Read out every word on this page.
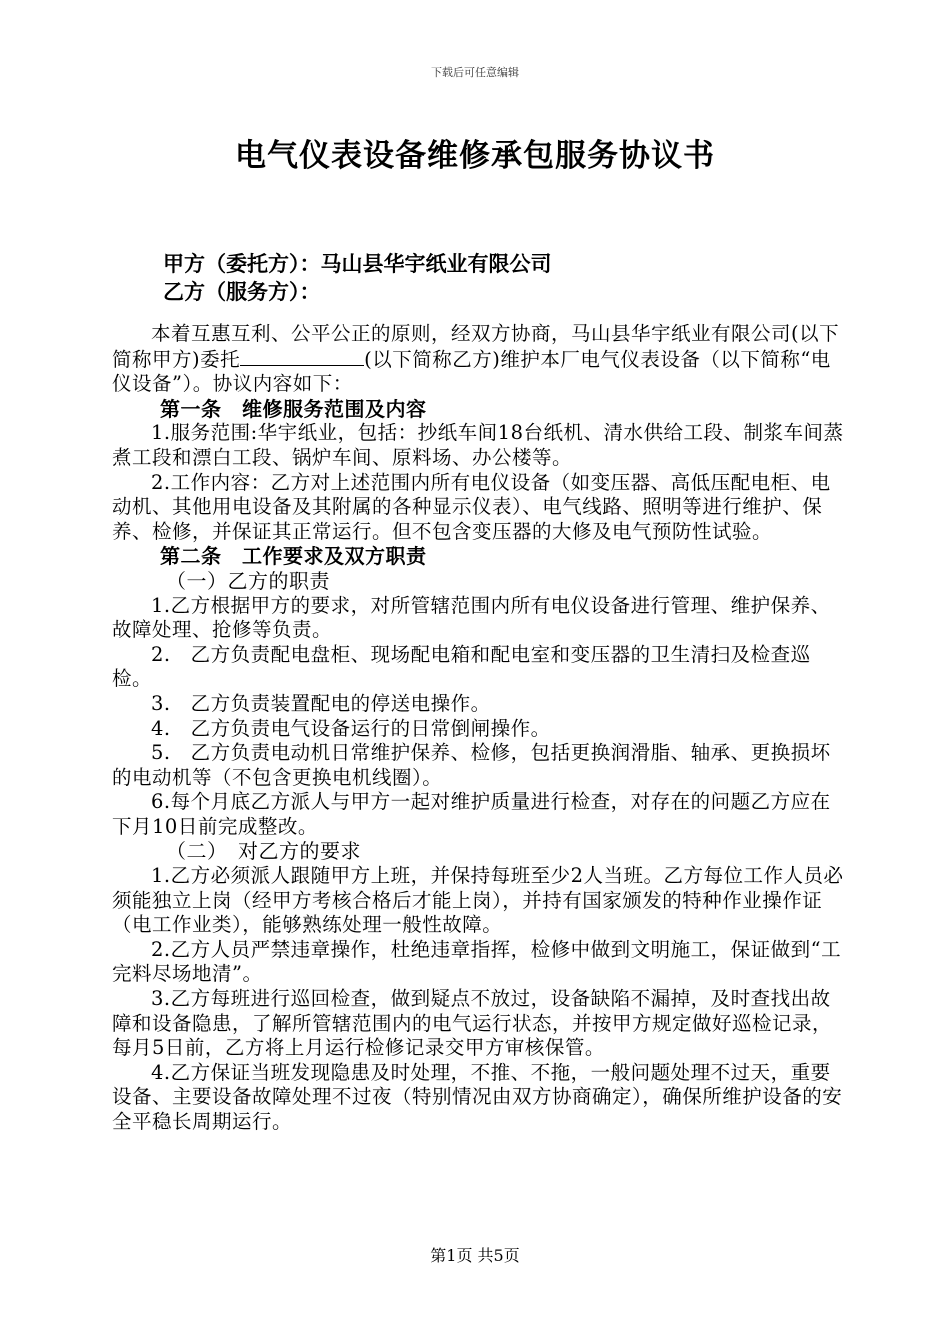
下载后可任意编辑
电气仪表设备维修承包服务协议书
甲方（委托方）：马山县华宇纸业有限公司
乙方（服务方）：

本着互惠互利、公平公正的原则，经双方协商，马山县华宇纸业有限公司(以下简称甲方)委托	(以下简称乙方)维护本厂电气仪表设备（以下简称“电仪设备”）。协议内容如下：

第一条　维修服务范围及内容

1.服务范围:华宇纸业，包括：抄纸车间18台纸机、清水供给工段、制浆车间蒸煮工段和漂白工段、锅炉车间、原料场、办公楼等。

2.工作内容：乙方对上述范围内所有电仪设备（如变压器、高低压配电柜、电动机、其他用电设备及其附属的各种显示仪表）、电气线路、照明等进行维护、保养、检修，并保证其正常运行。但不包含变压器的大修及电气预防性试验。

第二条　工作要求及双方职责

（一）乙方的职责

1.乙方根据甲方的要求，对所管辖范围内所有电仪设备进行管理、维护保养、故障处理、抢修等负责。

2.　乙方负责配电盘柜、现场配电箱和配电室和变压器的卫生清扫及检查巡检。

3.　乙方负责装置配电的停送电操作。

4.　乙方负责电气设备运行的日常倒闸操作。

5.　乙方负责电动机日常维护保养、检修，包括更换润滑脂、轴承、更换损坏的电动机等（不包含更换电机线圈）。

6.每个月底乙方派人与甲方一起对维护质量进行检查，对存在的问题乙方应在下月10日前完成整改。

（二）　对乙方的要求

1.乙方必须派人跟随甲方上班，并保持每班至少2人当班。乙方每位工作人员必须能独立上岗（经甲方考核合格后才能上岗），并持有国家颁发的特种作业操作证（电工作业类），能够熟练处理一般性故障。

2.乙方人员严禁违章操作，杜绝违章指挥，检修中做到文明施工，保证做到“工完料尽场地清”。

3.乙方每班进行巡回检查，做到疑点不放过，设备缺陷不漏掉，及时查找出故障和设备隐患，了解所管辖范围内的电气运行状态，并按甲方规定做好巡检记录，每月5日前，乙方将上月运行检修记录交甲方审核保管。

4.乙方保证当班发现隐患及时处理，不推、不拖，一般问题处理不过天，重要设备、主要设备故障处理不过夜（特别情况由双方协商确定），确保所维护设备的安全平稳长周期运行。

第1页 共5页
